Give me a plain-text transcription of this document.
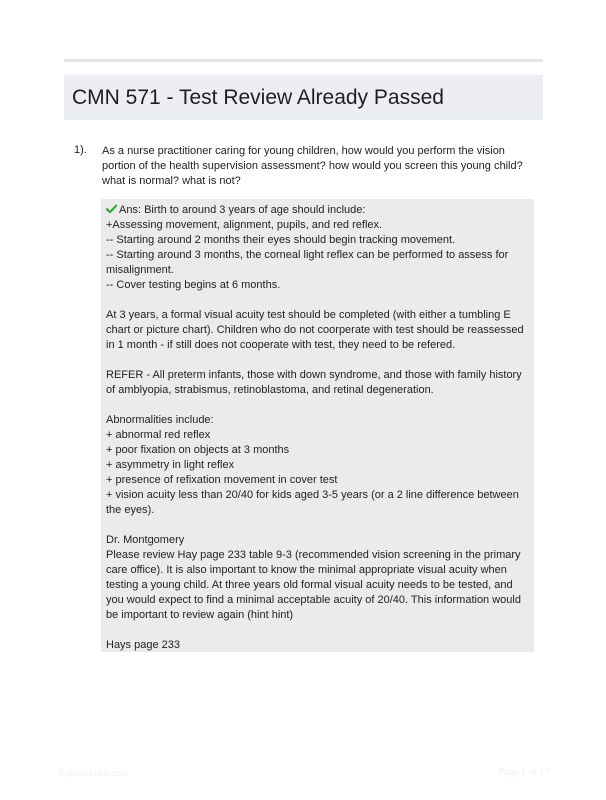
CMN 571 - Test Review Already Passed
1). As a nurse practitioner caring for young children, how would you perform the vision portion of the health supervision assessment? how would you screen this young child? what is normal? what is not?
Ans: Birth to around 3 years of age should include:
+Assessing movement, alignment, pupils, and red reflex.
-- Starting around 2 months their eyes should begin tracking movement.
-- Starting around 3 months, the corneal light reflex can be performed to assess for misalignment.
-- Cover testing begins at 6 months.
At 3 years, a formal visual acuity test should be completed (with either a tumbling E chart or picture chart). Children who do not coorperate with test should be reassessed in 1 month - if still does not cooperate with test, they need to be refered.
REFER - All preterm infants, those with down syndrome, and those with family history of amblyopia, strabismus, retinoblastoma, and retinal degeneration.
Abnormalities include:
+ abnormal red reflex
+ poor fixation on objects at 3 months
+ asymmetry in light reflex
+ presence of refixation movement in cover test
+ vision acuity less than 20/40 for kids aged 3-5 years (or a 2 line difference between the eyes).
Dr. Montgomery
Please review Hay page 233 table 9-3 (recommended vision screening in the primary care office). It is also important to know the minimal appropriate visual acuity when testing a young child. At three years old formal visual acuity needs to be tested, and you would expect to find a minimal acceptable acuity of 20/40. This information would be important to review again (hint hint)
Hays page 233
PaperStudio.com	Page 1 of 17
